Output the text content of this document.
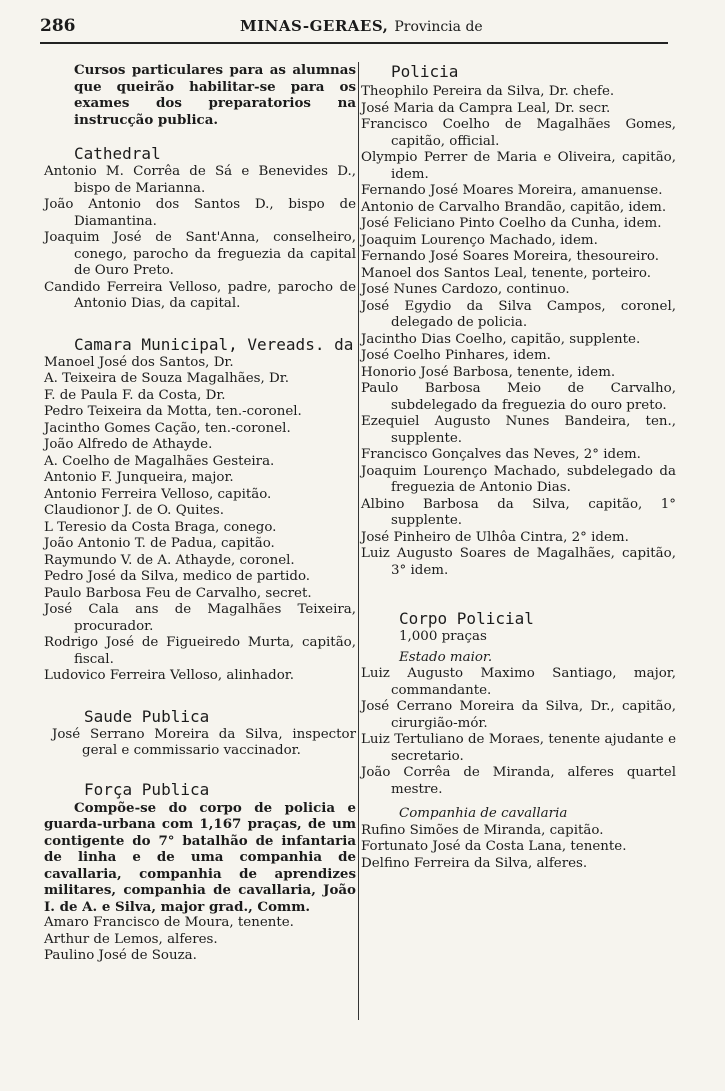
286	MINAS-GERAES, Provincia de

Cursos particulares para as alumnas que queirão habilitar-se para os exames dos preparatorios na instrucção publica.

Cathedral

Antonio M. Corrêa de Sá e Benevides D., bispo de Marianna.

João Antonio dos Santos D., bispo de Diamantina.

Joaquim José de Sant'Anna, conselheiro, conego, parocho da freguezia da capital de Ouro Preto.

Candido Ferreira Velloso, padre, parocho de Antonio Dias, da capital.

Camara Municipal, Vereads. da

Manoel José dos Santos, Dr.

A. Teixeira de Souza Magalhães, Dr.

F. de Paula F. da Costa, Dr.

Pedro Teixeira da Motta, ten.-coronel.

Jacintho Gomes Cação, ten.-coronel.

João Alfredo de Athayde.

A. Coelho de Magalhães Gesteira.

Antonio F. Junqueira, major.

Antonio Ferreira Velloso, capitão.

Claudionor J. de O. Quites.

L Teresio da Costa Braga, conego.

João Antonio T. de Padua, capitão.

Raymundo V. de A. Athayde, coronel.

Pedro José da Silva, medico de partido.

Paulo Barbosa Feu de Carvalho, secret.

José Cala ans de Magalhães Teixeira, procurador.

Rodrigo José de Figueiredo Murta, capitão, fiscal.

Ludovico Ferreira Velloso, alinhador.

Saude Publica

José Serrano Moreira da Silva, inspector geral e commissario vaccinador.

Força Publica

Compõe-se do corpo de policia e guarda-urbana com 1,167 praças, de um contigente do 7° batalhão de infantaria de linha e de uma companhia de cavallaria, companhia de aprendizes militares, companhia de cavallaria, João I. de A. e Silva, major grad., Comm.

Amaro Francisco de Moura, tenente.

Arthur de Lemos, alferes.

Paulino José de Souza.

Policia

Theophilo Pereira da Silva, Dr. chefe.

José Maria da Campra Leal, Dr. secr.

Francisco Coelho de Magalhães Gomes, capitão, official.

Olympio Perrer de Maria e Oliveira, capitão, idem.

Fernando José Moares Moreira, amanuense.

Antonio de Carvalho Brandão, capitão, idem.

José Feliciano Pinto Coelho da Cunha, idem.

Joaquim Lourenço Machado, idem.

Fernando José Soares Moreira, thesoureiro.

Manoel dos Santos Leal, tenente, porteiro.

José Nunes Cardozo, continuo.

José Egydio da Silva Campos, coronel, delegado de policia.

Jacintho Dias Coelho, capitão, supplente.

José Coelho Pinhares, idem.

Honorio José Barbosa, tenente, idem.

Paulo Barbosa Meio de Carvalho, subdelegado da freguezia do ouro preto.

Ezequiel Augusto Nunes Bandeira, ten., supplente.

Francisco Gonçalves das Neves, 2° idem.

Joaquim Lourenço Machado, subdelegado da freguezia de Antonio Dias.

Albino Barbosa da Silva, capitão, 1° supplente.

José Pinheiro de Ulhôa Cintra, 2° idem.

Luiz Augusto Soares de Magalhães, capitão, 3° idem.

Corpo Policial

1,000 praças

Estado maior.

Luiz Augusto Maximo Santiago, major, commandante.

José Cerrano Moreira da Silva, Dr., capitão, cirurgião-mór.

Luiz Tertuliano de Moraes, tenente ajudante e secretario.

João Corrêa de Miranda, alferes quartel mestre.

Companhia de cavallaria

Rufino Simões de Miranda, capitão.

Fortunato José da Costa Lana, tenente.

Delfino Ferreira da Silva, alferes.
